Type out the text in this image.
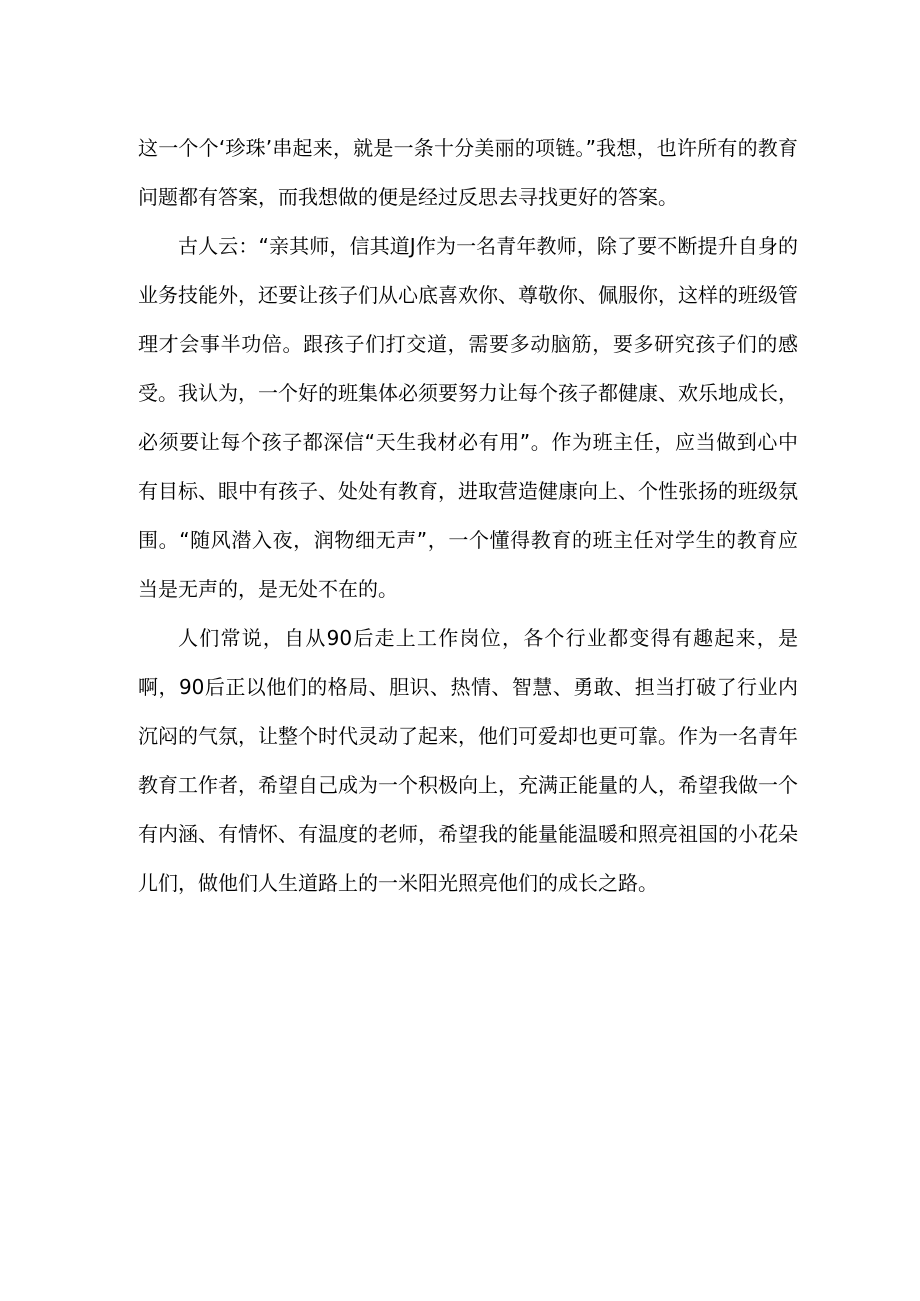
这一个个‘珍珠’串起来，就是一条十分美丽的项链。”我想，也许所有的教育问题都有答案，而我想做的便是经过反思去寻找更好的答案。

古人云：“亲其师，信其道J作为一名青年教师，除了要不断提升自身的业务技能外，还要让孩子们从心底喜欢你、尊敬你、佩服你，这样的班级管理才会事半功倍。跟孩子们打交道，需要多动脑筋，要多研究孩子们的感受。我认为，一个好的班集体必须要努力让每个孩子都健康、欢乐地成长，必须要让每个孩子都深信“天生我材必有用”。作为班主任，应当做到心中有目标、眼中有孩子、处处有教育，进取营造健康向上、个性张扬的班级氛围。“随风潜入夜，润物细无声”，一个懂得教育的班主任对学生的教育应当是无声的，是无处不在的。

人们常说，自从90后走上工作岗位，各个行业都变得有趣起来，是啊，90后正以他们的格局、胆识、热情、智慧、勇敢、担当打破了行业内沉闷的气氛，让整个时代灵动了起来，他们可爱却也更可靠。作为一名青年教育工作者，希望自己成为一个积极向上，充满正能量的人，希望我做一个有内涵、有情怀、有温度的老师，希望我的能量能温暖和照亮祖国的小花朵儿们，做他们人生道路上的一米阳光照亮他们的成长之路。
